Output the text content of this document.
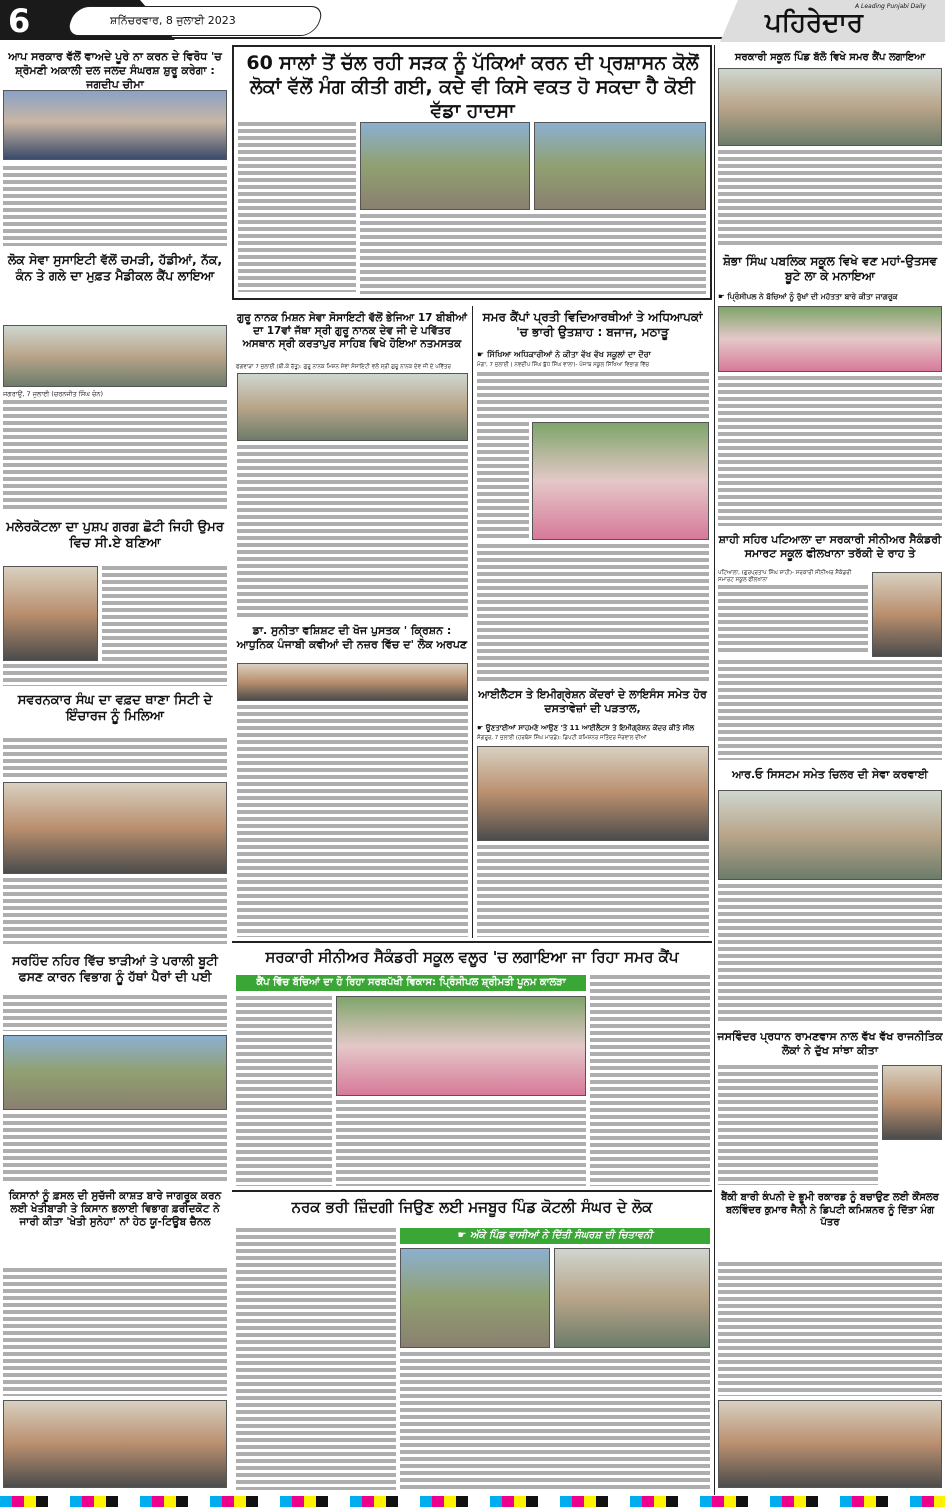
6	ਸ਼ਨਿੱਚਰਵਾਰ, 8 ਜੁਲਾਈ 2023
A Leading Punjabi Daily
ਪਹਿਰੇਦਾਰ
ਆਪ ਸਰਕਾਰ ਵੱਲੋਂ ਵਾਅਦੇ ਪੂਰੇ ਨਾ ਕਰਨ ਦੇ ਵਿਰੋਧ 'ਚ ਸ਼੍ਰੋਮਣੀ ਅਕਾਲੀ ਦਲ ਜਲਦ ਸੰਘਰਸ਼ ਸ਼ੁਰੂ ਕਰੇਗਾ : ਜਗਦੀਪ ਚੀਮਾ
ਲੋਕ ਸੇਵਾ ਸੁਸਾਇਟੀ ਵੱਲੋਂ ਚਮੜੀ, ਹੱਡੀਆਂ, ਨੱਕ, ਕੰਨ ਤੇ ਗਲੇ ਦਾ ਮੁਫ਼ਤ ਮੈਡੀਕਲ ਕੈਂਪ ਲਾਇਆ
ਜਗਰਾਉਂ, 7 ਜੁਲਾਈ (ਚਰਨਜੀਤ ਸਿੰਘ ਚੰਨ)
ਮਲੇਰਕੋਟਲਾ ਦਾ ਪੁਸ਼ਪ ਗਰਗ ਛੋਟੀ ਜਿਹੀ ਉਮਰ ਵਿਚ ਸੀ.ਏ ਬਣਿਆ
ਸਵਰਨਕਾਰ ਸੰਘ ਦਾ ਵਫ਼ਦ ਥਾਣਾ ਸਿਟੀ ਦੇ ਇੰਚਾਰਜ ਨੂੰ ਮਿਲਿਆ
ਸਰਹਿੰਦ ਨਹਿਰ ਵਿੱਚ ਝਾੜੀਆਂ ਤੇ ਪਰਾਲੀ ਬੂਟੀ ਫਸਣ ਕਾਰਨ ਵਿਭਾਗ ਨੂੰ ਹੱਥਾਂ ਪੈਰਾਂ ਦੀ ਪਈ
ਕਿਸਾਨਾਂ ਨੂੰ ਫ਼ਸਲ ਦੀ ਸੁਚੱਜੀ ਕਾਸ਼ਤ ਬਾਰੇ ਜਾਗਰੂਕ ਕਰਨ ਲਈ ਖੇਤੀਬਾੜੀ ਤੇ ਕਿਸਾਨ ਭਲਾਈ ਵਿਭਾਗ ਫ਼ਰੀਦਕੋਟ ਨੇ ਜਾਰੀ ਕੀਤਾ 'ਖੇਤੀ ਸੁਨੇਹਾ' ਨਾਂ ਹੇਠ ਯੂ-ਟਿਊਬ ਚੈਨਲ
60 ਸਾਲਾਂ ਤੋਂ ਚੱਲ ਰਹੀ ਸੜਕ ਨੂੰ ਪੱਕਿਆਂ ਕਰਨ ਦੀ ਪ੍ਰਸ਼ਾਸਨ ਕੋਲੋਂ ਲੋਕਾਂ ਵੱਲੋਂ ਮੰਗ ਕੀਤੀ ਗਈ, ਕਦੇ ਵੀ ਕਿਸੇ ਵਕਤ ਹੋ ਸਕਦਾ ਹੈ ਕੋਈ ਵੱਡਾ ਹਾਦਸਾ
ਗੁਰੂ ਨਾਨਕ ਮਿਸ਼ਨ ਸੇਵਾ ਸੋਸਾਇਟੀ ਵੱਲੋਂ ਭੇਜਿਆ 17 ਬੀਬੀਆਂ ਦਾ 17ਵਾਂ ਜੱਥਾ ਸ੍ਰੀ ਗੁਰੂ ਨਾਨਕ ਦੇਵ ਜੀ ਦੇ ਪਵਿੱਤਰ ਅਸਥਾਨ ਸ੍ਰੀ ਕਰਤਾਪੁਰ ਸਾਹਿਬ ਵਿਖੇ ਹੋਇਆ ਨਤਮਸਤਕ
ਫਗਵਾੜਾ 7 ਜੁਲਾਈ (ਬੀ.ਕੇ ਰੱਤੂ): ਗੁਰੂ ਨਾਨਕ ਮਿਸ਼ਨ ਸੇਵਾ ਸੋਸਾਇਟੀ ਵਲੋਂ ਸ੍ਰੀ ਗੁਰੂ ਨਾਨਕ ਦੇਵ ਜੀ ਦੇ ਪਵਿੱਤਰ
ਡਾ. ਸੁਨੀਤਾ ਵਸ਼ਿਸ਼ਟ ਦੀ ਖੋਜ ਪੁਸਤਕ ' ਕ੍ਰਿਸ਼ਨ : ਆਧੁਨਿਕ ਪੰਜਾਬੀ ਕਵੀਆਂ ਦੀ ਨਜ਼ਰ ਵਿੱਚ ਦ' ਲੋਕ ਅਰਪਣ
ਸਮਰ ਕੈਂਪਾਂ ਪ੍ਰਤੀ ਵਿਦਿਆਰਥੀਆਂ ਤੇ ਅਧਿਆਪਕਾਂ 'ਚ ਭਾਰੀ ਉਤਸ਼ਾਹ : ਬਜਾਜ, ਮਠਾੜੂ
☛ ਸਿੱਖਿਆ ਅਧਿਕਾਰੀਆਂ ਨੇ ਕੀਤਾ ਵੱਖ ਵੱਖ ਸਕੂਲਾਂ ਦਾ ਦੌਰਾ
ਮੋਗਾ, 7 ਜੁਲਾਈ ( ਨਵਦੀਪ ਸਿੰਘ ਬੁੱਧ ਸਿੰਘ ਵਾਲਾ)- ਪੰਜਾਬ ਸਕੂਲ ਸਿੱਖਿਆ ਵਿਭਾਗ ਵਿੱਚ
ਆਈਲੈਟਸ ਤੇ ਇਮੀਗ੍ਰੇਸ਼ਨ ਕੇਂਦਰਾਂ ਦੇ ਲਾਇਸੰਸ ਸਮੇਤ ਹੋਰ ਦਸਤਾਵੇਜ਼ਾਂ ਦੀ ਪੜਤਾਲ,
☛ ਊਣਤਾਈਆਂ ਸਾਹਮਣੇ ਆਉਣ 'ਤੇ 11 ਆਈਲੈਟਸ ਤੇ ਇਮੀਗ੍ਰੇਸ਼ਨ ਕੇਂਦਰ ਕੀਤੇ ਸੀਲ
ਸੰਗਰੂਰ, 7 ਜੁਲਾਈ (ਹਰਬੰਸ ਸਿੰਘ ਮਾਰਡੇ): ਡਿਪਟੀ ਕਮਿਸ਼ਨਰ ਜਤਿੰਦਰ ਜੋਰਵਾਲ ਦੀਆਂ
ਸਰਕਾਰੀ ਸੀਨੀਅਰ ਸੈਕੰਡਰੀ ਸਕੂਲ ਵਲੂਰ 'ਚ ਲਗਾਇਆ ਜਾ ਰਿਹਾ ਸਮਰ ਕੈਂਪ
ਕੈਂਪ ਵਿੱਚ ਬੱਚਿਆਂ ਦਾ ਹੋ ਰਿਹਾ ਸਰਬਪੱਖੀ ਵਿਕਾਸ: ਪ੍ਰਿੰਸੀਪਲ ਸ਼੍ਰੀਮਤੀ ਪੂਨਮ ਕਾਲੜਾ
ਨਰਕ ਭਰੀ ਜ਼ਿੰਦਗੀ ਜਿਉਣ ਲਈ ਮਜਬੂਰ ਪਿੰਡ ਕੋਟਲੀ ਸੰਘਰ ਦੇ ਲੋਕ
☛ ਅੱਕੇ ਪਿੰਡ ਵਾਸੀਆਂ ਨੇ ਦਿੱਤੀ ਸੰਘਰਸ਼ ਦੀ ਚਿਤਾਵਨੀ
ਸਰਕਾਰੀ ਸਕੂਲ ਪਿੰਡ ਬੱਲੋ ਵਿਖੇ ਸਮਰ ਕੈਂਪ ਲਗਾਇਆ
ਸ਼ੋਭਾ ਸਿੰਘ ਪਬਲਿਕ ਸਕੂਲ ਵਿਖੇ ਵਣ ਮਹਾਂ-ਉਤਸਵ ਬੂਟੇ ਲਾ ਕੇ ਮਨਾਇਆ
☛ ਪ੍ਰਿੰਸੀਪਲ ਨੇ ਬੱਚਿਆਂ ਨੂੰ ਰੁੱਖਾਂ ਦੀ ਮਹੱਤਤਾ ਬਾਰੇ ਕੀਤਾ ਜਾਗਰੂਕ
ਸ਼ਾਹੀ ਸਹਿਰ ਪਟਿਆਲਾ ਦਾ ਸਰਕਾਰੀ ਸੀਨੀਅਰ ਸੈਕੰਡਰੀ ਸਮਾਰਟ ਸਕੂਲ ਫੀਲਖਾਨਾ ਤਰੱਕੀ ਦੇ ਰਾਹ ਤੇ
ਪਟਿਆਲਾ, (ਗੁਰਪ੍ਰਤਾਪ ਸਿੰਘ ਸ਼ਾਹੀ)- ਸਰਕਾਰੀ ਸੀਨੀਅਰ ਸੈਕੰਡਰੀ ਸਮਾਰਟ ਸਕੂਲ ਫੀਲਖਾਨਾ
ਆਰ.ਓ ਸਿਸਟਮ ਸਮੇਤ ਚਿਲਰ ਦੀ ਸੇਵਾ ਕਰਵਾਈ
ਜਸਵਿੰਦਰ ਪ੍ਰਧਾਨ ਰਾਮਣਵਾਸ ਨਾਲ ਵੱਖ ਵੱਖ ਰਾਜਨੀਤਿਕ ਲੋਕਾਂ ਨੇ ਦੁੱਖ ਸਾਂਝਾ ਕੀਤਾ
ਬੈਂਕੀ ਬਾਰੀ ਕੰਪਨੀ ਦੇ ਭੂਮੀ ਰਕਾਰਡ ਨੂੰ ਬਚਾਉਣ ਲਈ ਕੌਂਸਲਰ ਬਲਵਿੰਦਰ ਕੁਮਾਰ ਜੈਨੀ ਨੇ ਡਿਪਟੀ ਕਮਿਸ਼ਨਰ ਨੂੰ ਦਿੱਤਾ ਮੰਗ ਪੱਤਰ
